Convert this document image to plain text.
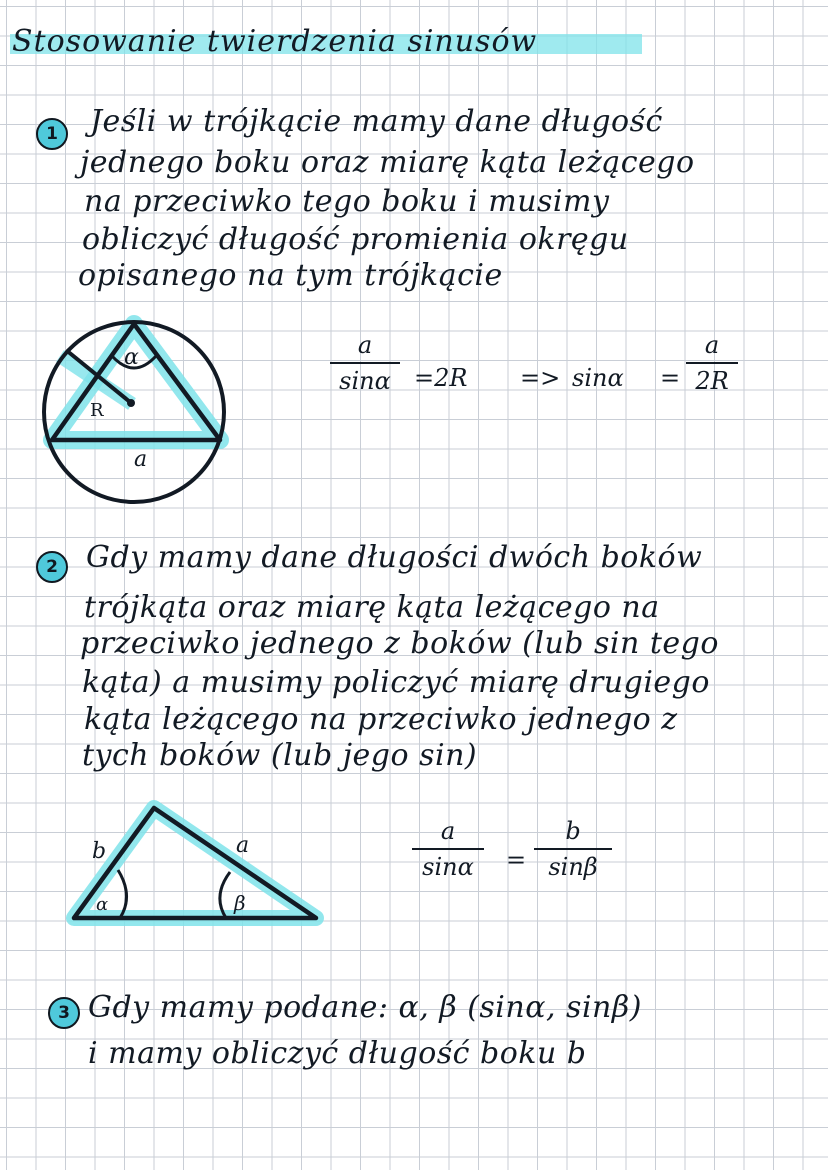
Stosowanie twierdzenia sinusów
1	Jeśli w trójkącie mamy dane długość
jednego boku oraz miarę kąta leżącego
na przeciwko tego boku i musimy
obliczyć długość promienia okręgu
opisanego na tym trójkącie
α
R
a
a
sinα =2R => sinα =
a
2R
2 Gdy mamy dane długości dwóch boków
trójkąta oraz miarę kąta leżącego na
przeciwko jednego z boków (lub sin tego
kąta) a musimy policzyć miarę drugiego
kąta leżącego na przeciwko jednego z
tych boków (lub jego sin)
b	a
α	β
a
sinα	=
b
sinβ
3 Gdy mamy podane: α, β (sinα, sinβ)
i mamy obliczyć długość boku b
